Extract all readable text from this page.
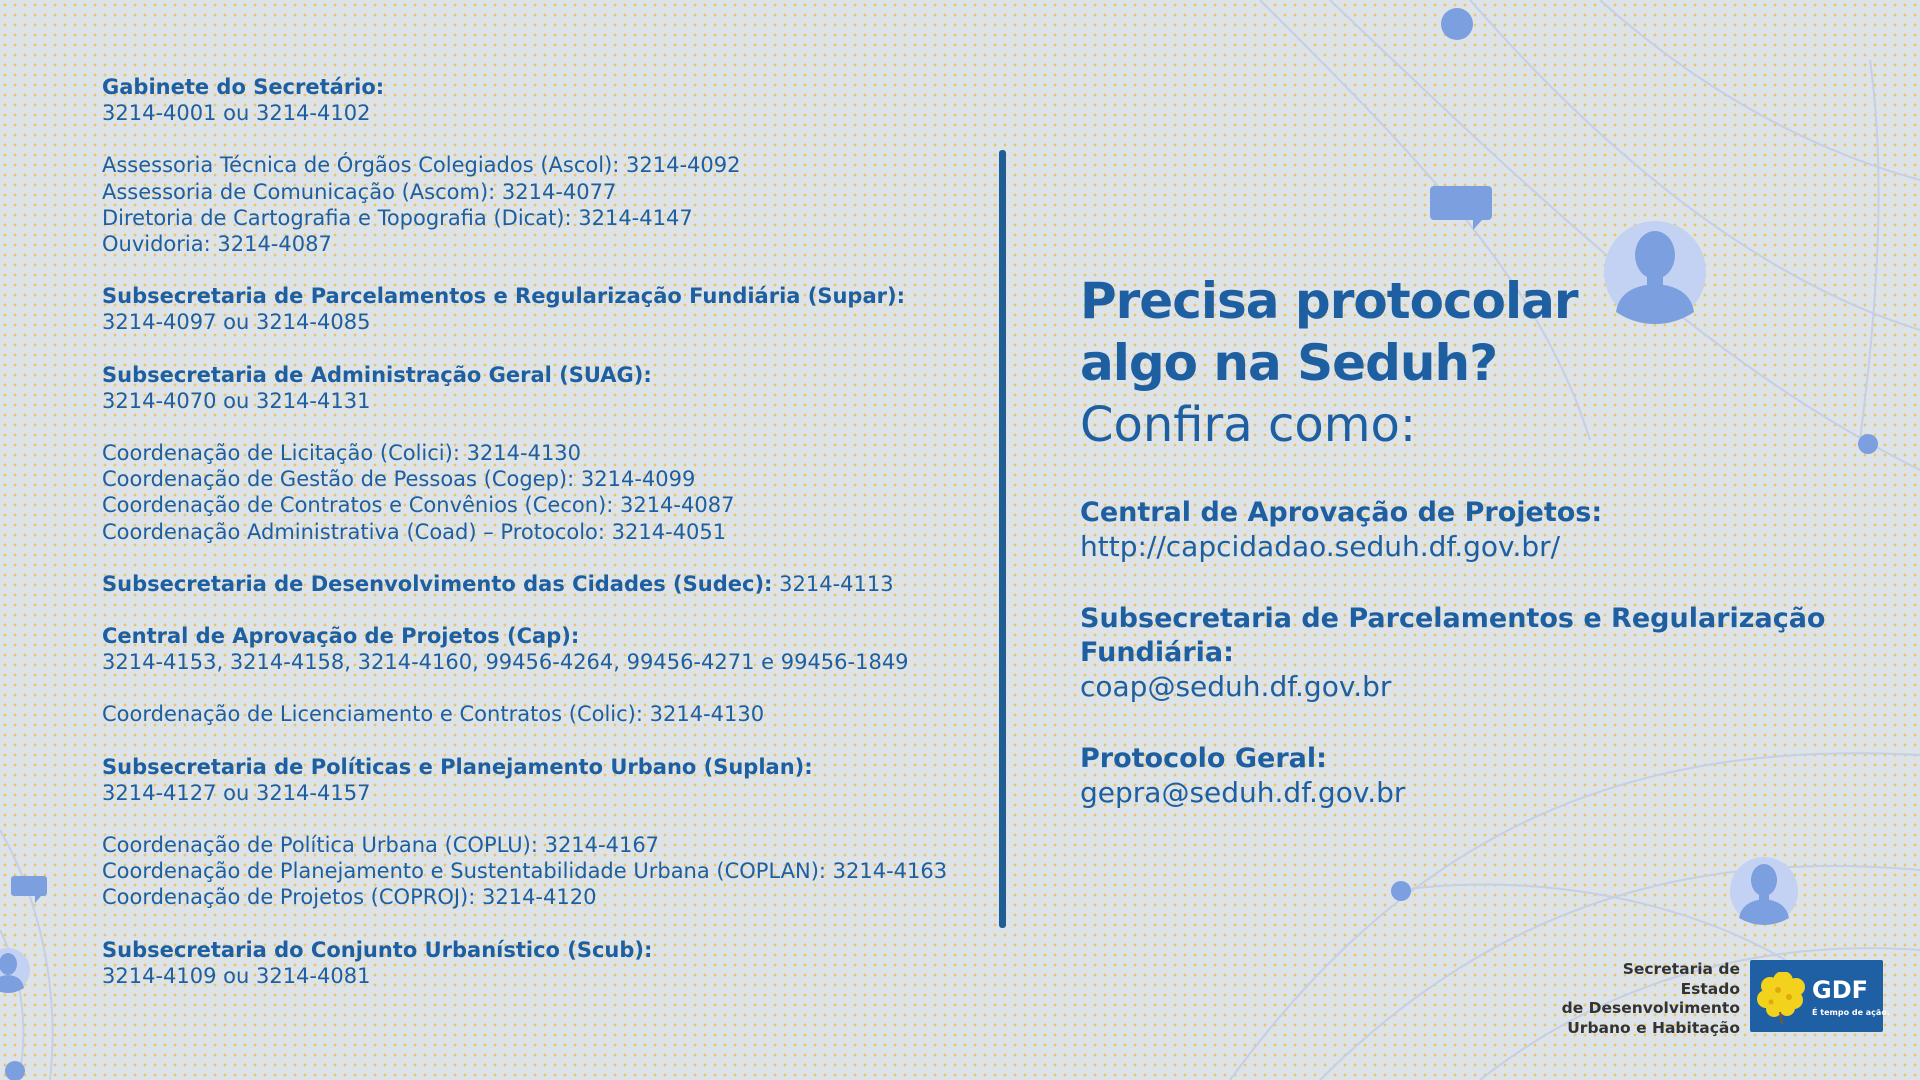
Gabinete do Secretário:
3214-4001 ou 3214-4102
Assessoria Técnica de Órgãos Colegiados (Ascol): 3214-4092
Assessoria de Comunicação (Ascom): 3214-4077
Diretoria de Cartografia e Topografia (Dicat): 3214-4147
Ouvidoria: 3214-4087
Subsecretaria de Parcelamentos e Regularização Fundiária (Supar):
3214-4097 ou 3214-4085
Subsecretaria de Administração Geral (SUAG):
3214-4070 ou 3214-4131
Coordenação de Licitação (Colici): 3214-4130
Coordenação de Gestão de Pessoas (Cogep): 3214-4099
Coordenação de Contratos e Convênios (Cecon): 3214-4087
Coordenação Administrativa (Coad) – Protocolo: 3214-4051
Subsecretaria de Desenvolvimento das Cidades (Sudec): 3214-4113
Central de Aprovação de Projetos (Cap):
3214-4153, 3214-4158, 3214-4160, 99456-4264, 99456-4271 e 99456-1849
Coordenação de Licenciamento e Contratos (Colic): 3214-4130
Subsecretaria de Políticas e Planejamento Urbano (Suplan):
3214-4127 ou 3214-4157
Coordenação de Política Urbana (COPLU): 3214-4167
Coordenação de Planejamento e Sustentabilidade Urbana (COPLAN): 3214-4163
Coordenação de Projetos (COPROJ): 3214-4120
Subsecretaria do Conjunto Urbanístico (Scub):
3214-4109 ou 3214-4081
Precisa protocolar
algo na Seduh?
Confira como:
Central de Aprovação de Projetos:
http://capcidadao.seduh.df.gov.br/
Subsecretaria de Parcelamentos e Regularização
Fundiária:
coap@seduh.df.gov.br
Protocolo Geral:
gepra@seduh.df.gov.br
Secretaria de Estado
de Desenvolvimento
Urbano e Habitação
GDF
É tempo de ação.
